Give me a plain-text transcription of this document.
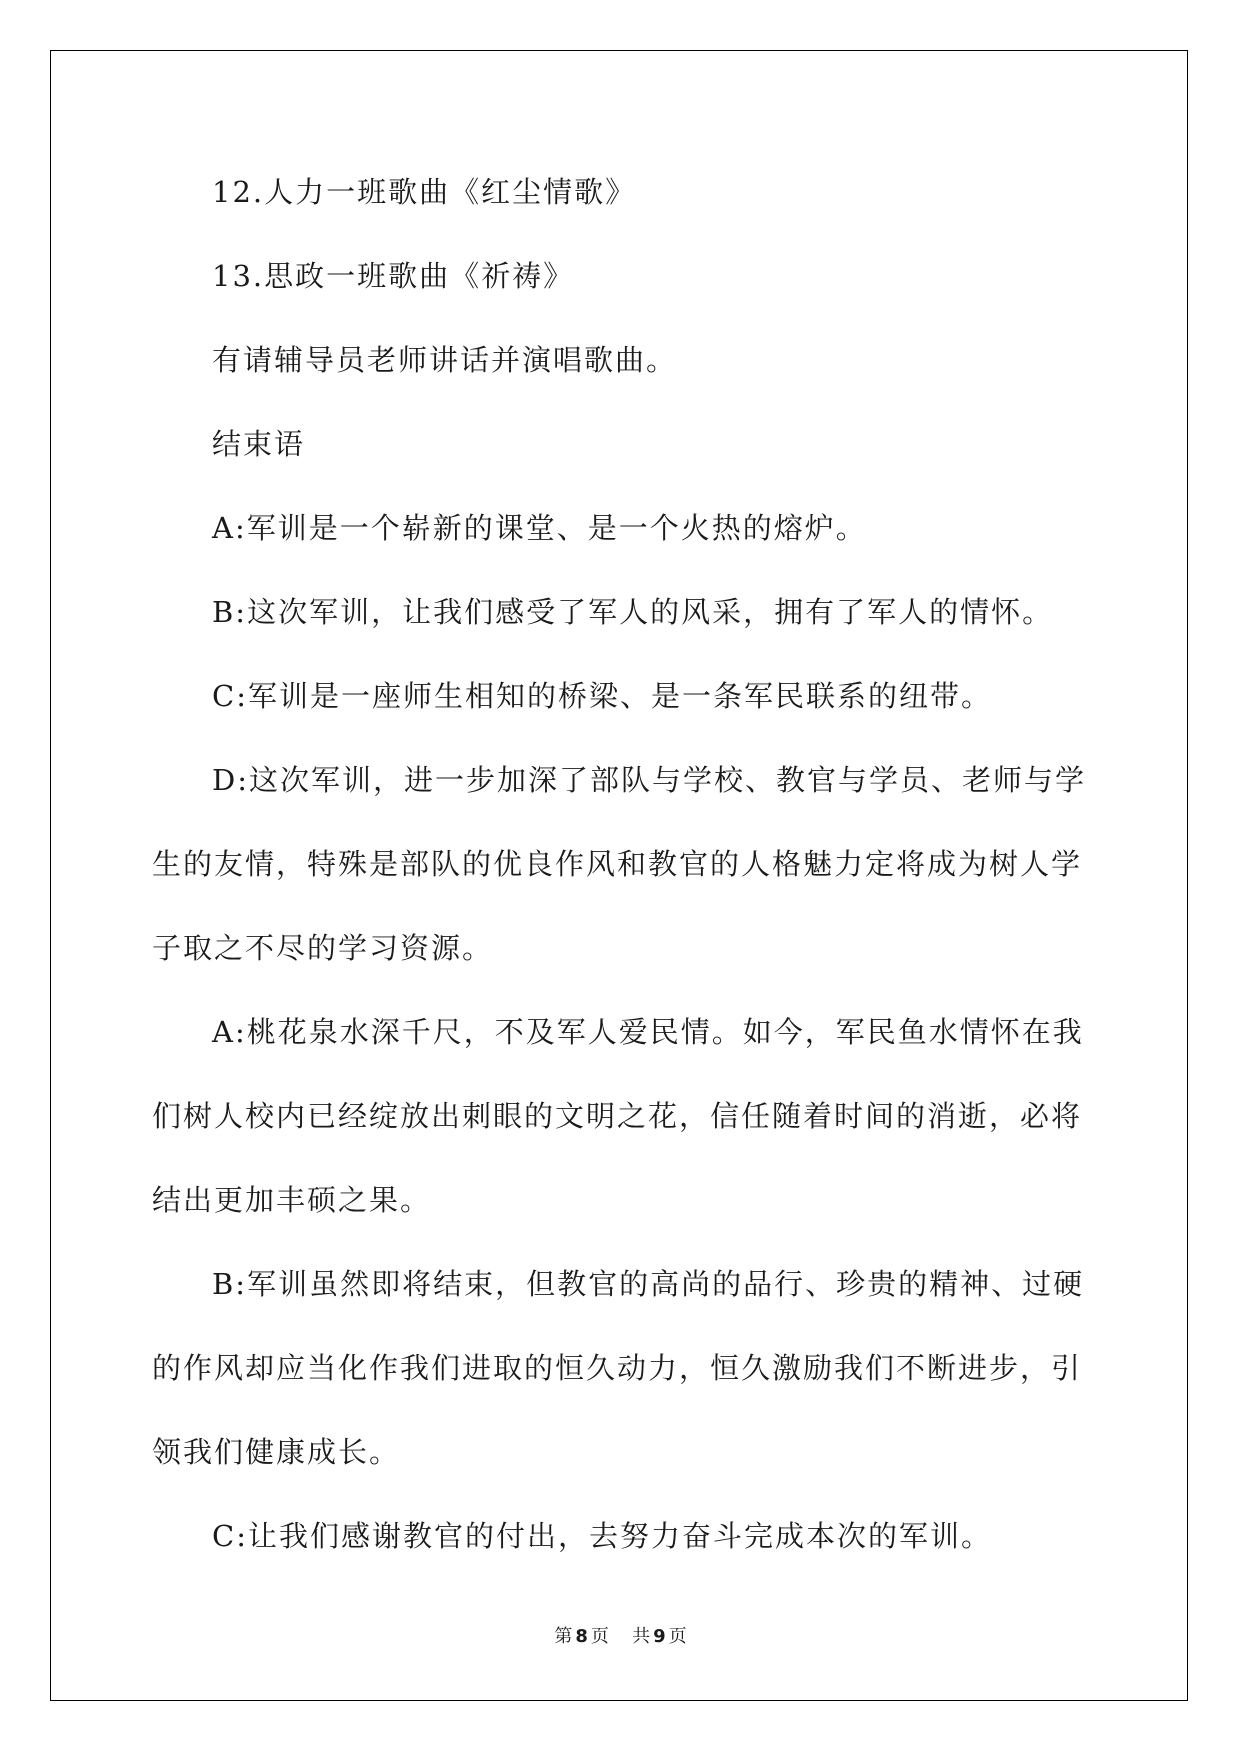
12.人力一班歌曲《红尘情歌》

13.思政一班歌曲《祈祷》

有请辅导员老师讲话并演唱歌曲。

结束语

A:军训是一个崭新的课堂、是一个火热的熔炉。

B:这次军训，让我们感受了军人的风采，拥有了军人的情怀。

C:军训是一座师生相知的桥梁、是一条军民联系的纽带。

D:这次军训，进一步加深了部队与学校、教官与学员、老师与学生的友情，特殊是部队的优良作风和教官的人格魅力定将成为树人学子取之不尽的学习资源。

A:桃花泉水深千尺，不及军人爱民情。如今，军民鱼水情怀在我们树人校内已经绽放出刺眼的文明之花，信任随着时间的消逝，必将结出更加丰硕之果。

B:军训虽然即将结束，但教官的高尚的品行、珍贵的精神、过硬的作风却应当化作我们进取的恒久动力，恒久激励我们不断进步，引领我们健康成长。

C:让我们感谢教官的付出，去努力奋斗完成本次的军训。

第 8 页 共 9 页
